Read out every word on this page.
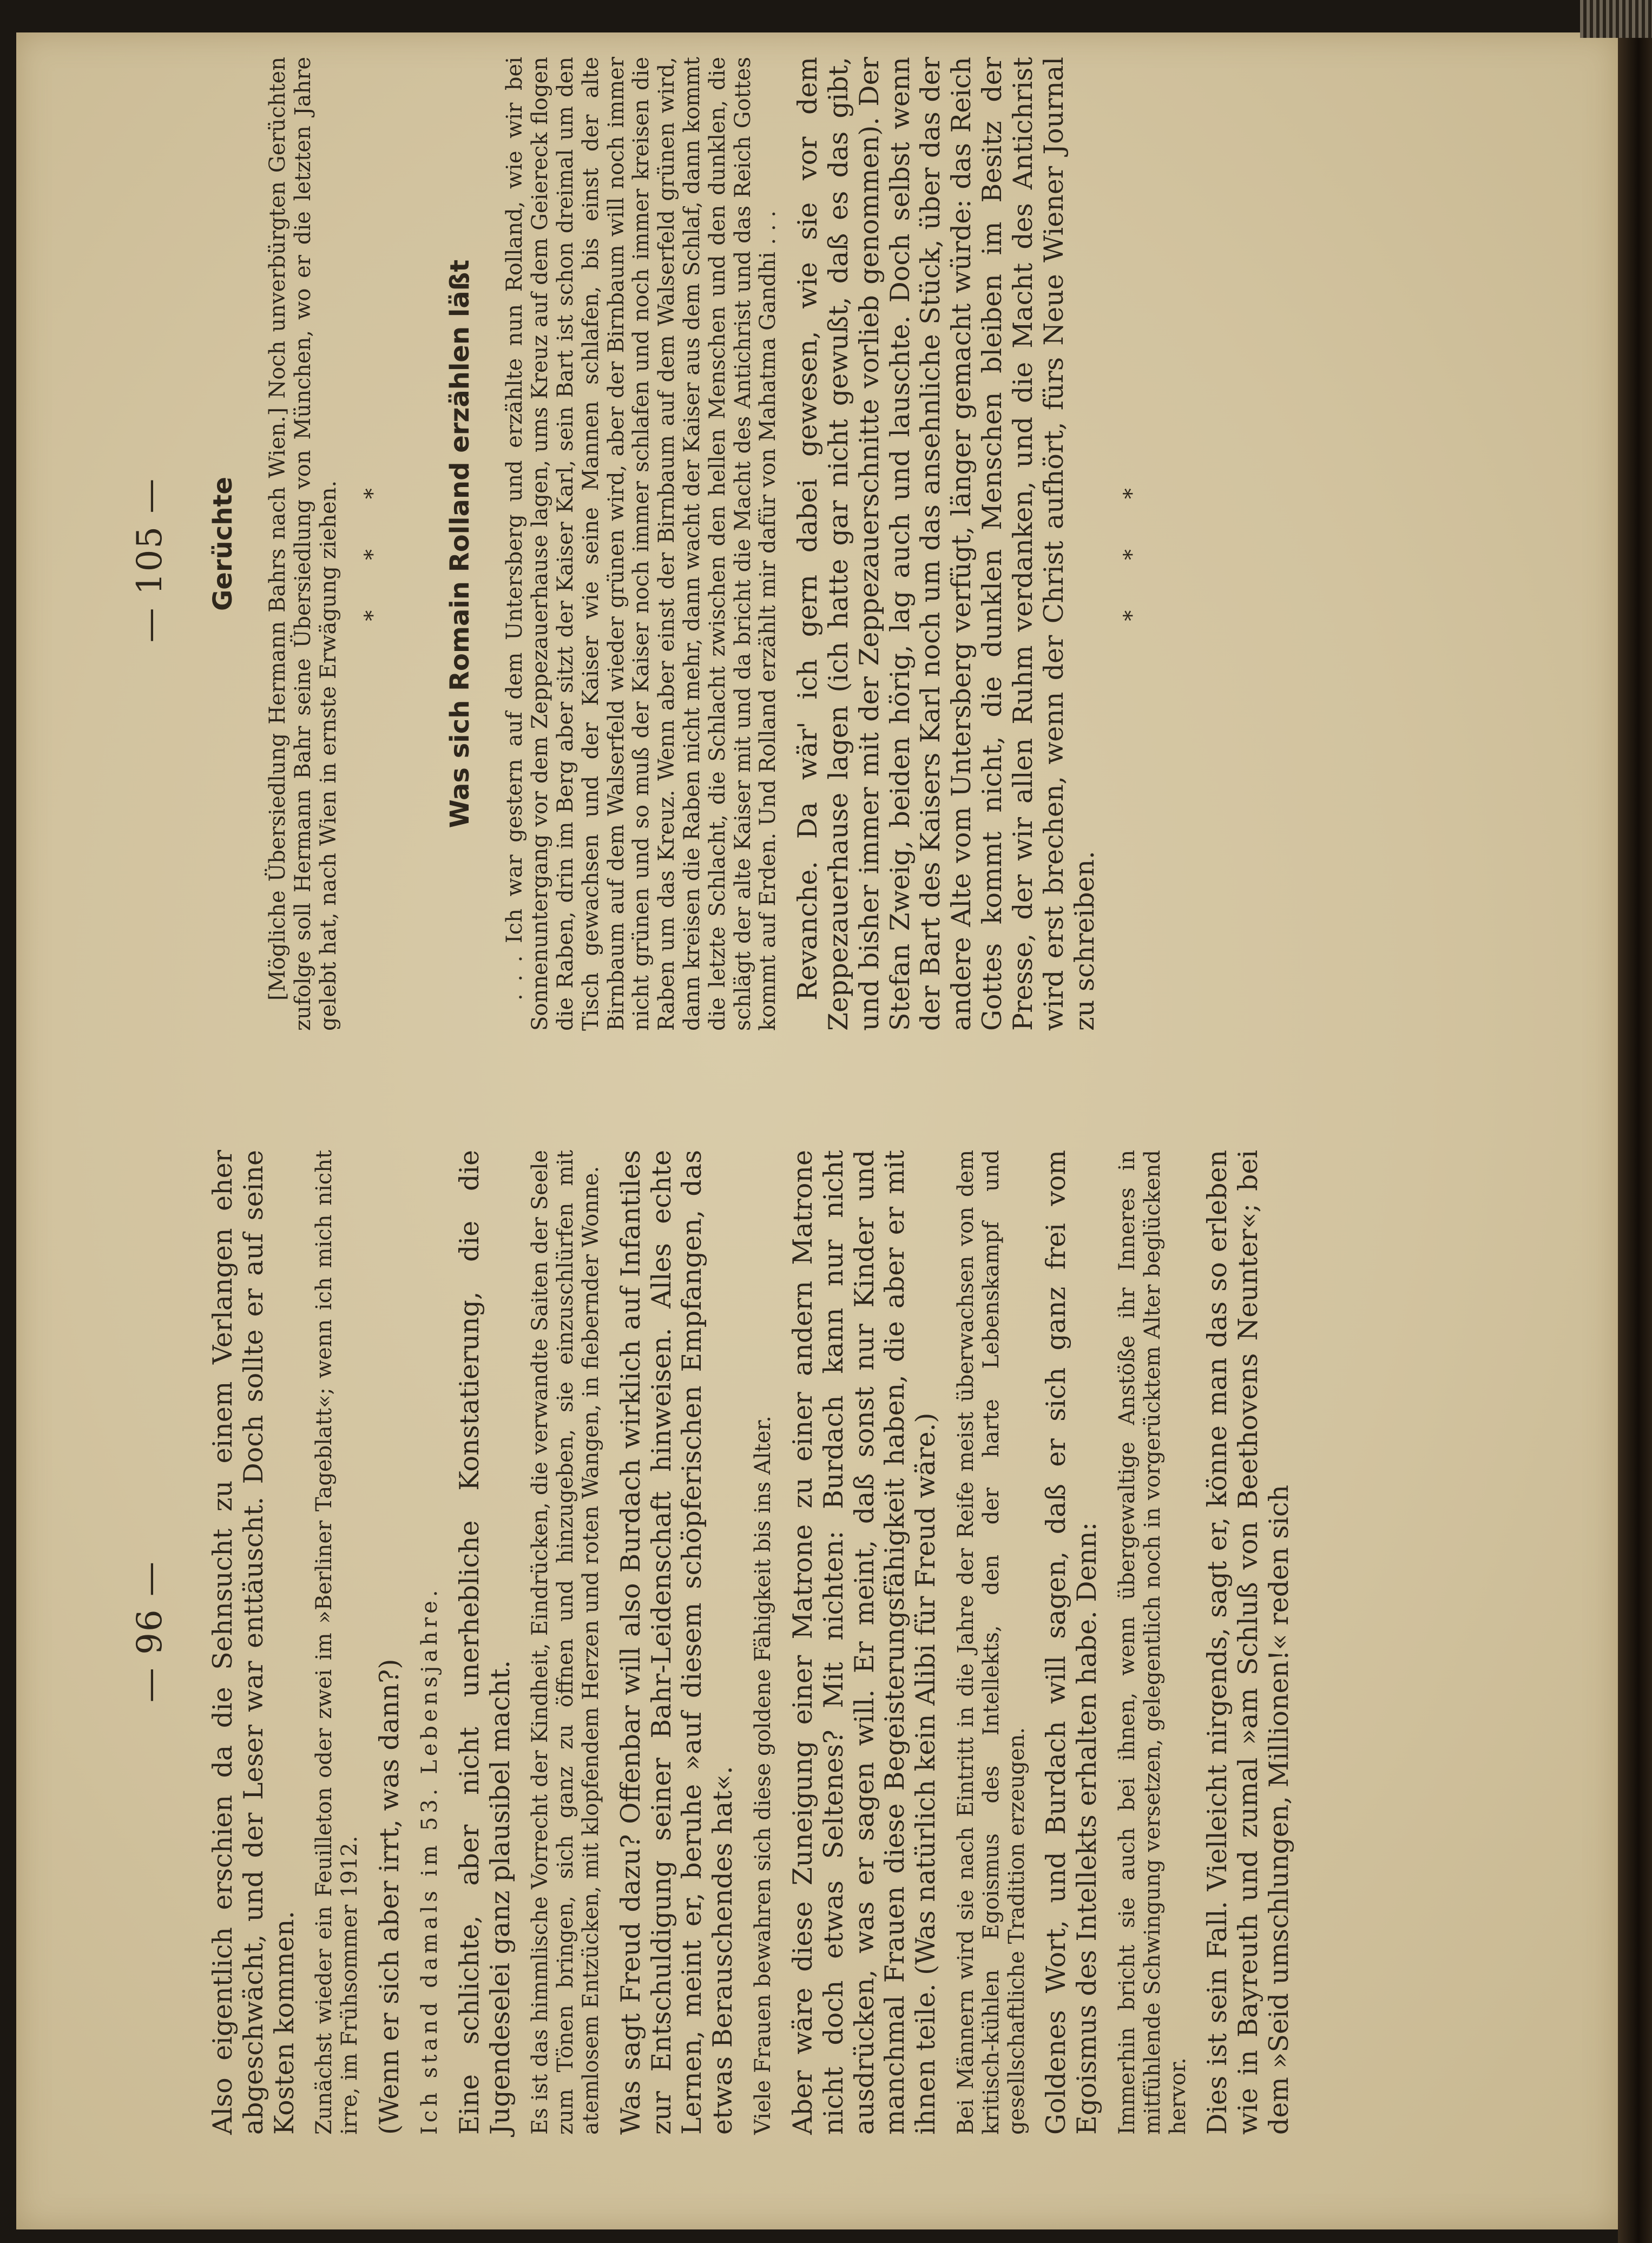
— 96 — Also eigentlich erschien da die Sehnsucht zu einem Verlangen eher abgeschwächt, und der Leser war enttäuscht. Doch sollte er auf seine Kosten kommen. Zunächst wieder ein Feuilleton oder zwei im »Berliner Tageblatt«; wenn ich mich nicht irre, im Frühsommer 1912. (Wenn er sich aber irrt, was dann?) Ich stand damals im 53. Lebensjahre. Eine schlichte, aber nicht unerhebliche Konstatierung, die die Jugendeselei ganz plausibel macht. Es ist das himmlische Vorrecht der Kindheit, Eindrücken, die verwandte Saiten der Seele zum Tönen bringen, sich ganz zu öffnen und hinzugeben, sie einzuschlürfen mit atemlosem Entzücken, mit klopfendem Herzen und roten Wangen, in fiebernder Wonne. Was sagt Freud dazu? Offenbar will also Burdach wirklich auf Infantiles zur Entschuldigung seiner Bahr-Leidenschaft hinweisen. Alles echte Lernen, meint er, beruhe »auf diesem schöpferischen Empfangen, das etwas Berauschendes hat«. Viele Frauen bewahren sich diese goldene Fähigkeit bis ins Alter. Aber wäre diese Zuneigung einer Matrone zu einer andern Matrone nicht doch etwas Seltenes? Mit nichten: Burdach kann nur nicht ausdrücken, was er sagen will. Er meint, daß sonst nur Kinder und manchmal Frauen diese Begeisterungsfähigkeit haben, die aber er mit ihnen teile. (Was natürlich kein Alibi für Freud wäre.) Bei Männern wird sie nach Eintritt in die Jahre der Reife meist überwachsen von dem kritisch-kühlen Egoismus des Intellekts, den der harte Lebenskampf und gesellschaftliche Tradition erzeugen. Goldenes Wort, und Burdach will sagen, daß er sich ganz frei vom Egoismus des Intellekts erhalten habe. Denn: Immerhin bricht sie auch bei ihnen, wenn übergewaltige Anstöße ihr Inneres in mitfühlende Schwingung versetzen, gelegentlich noch in vorgerücktem Alter beglückend hervor. Dies ist sein Fall. Vielleicht nirgends, sagt er, könne man das so erleben wie in Bayreuth und zumal »am Schluß von Beethovens Neunter«; bei dem »Seid umschlungen, Millionen!« reden sich

— 105 — Gerüchte [Mögliche Übersiedlung Hermann Bahrs nach Wien.] Noch unverbürgten Gerüchten zufolge soll Hermann Bahr seine Übersiedlung von München, wo er die letzten Jahre gelebt hat, nach Wien in ernste Erwägung ziehen. * * * Was sich Romain Rolland erzählen läßt . . . Ich war gestern auf dem Untersberg und erzählte nun Rolland, wie wir bei Sonnenuntergang vor dem Zeppezauerhause lagen, ums Kreuz auf dem Geiereck flogen die Raben, drin im Berg aber sitzt der Kaiser Karl, sein Bart ist schon dreimal um den Tisch gewachsen und der Kaiser wie seine Mannen schlafen, bis einst der alte Birnbaum auf dem Walserfeld wieder grünen wird, aber der Birnbaum will noch immer nicht grünen und so muß der Kaiser noch immer schlafen und noch immer kreisen die Raben um das Kreuz. Wenn aber einst der Birnbaum auf dem Walserfeld grünen wird, dann kreisen die Raben nicht mehr, dann wacht der Kaiser aus dem Schlaf, dann kommt die letzte Schlacht, die Schlacht zwischen den hellen Menschen und den dunklen, die schlägt der alte Kaiser mit und da bricht die Macht des Antichrist und das Reich Gottes kommt auf Erden. Und Rolland erzählt mir dafür von Mahatma Gandhi . . . Revanche. Da wär' ich gern dabei gewesen, wie sie vor dem Zeppezauerhause lagen (ich hatte gar nicht gewußt, daß es das gibt, und bisher immer mit der Zeppezauerschnitte vorlieb genommen). Der Stefan Zweig, beiden hörig, lag auch und lauschte. Doch selbst wenn der Bart des Kaisers Karl noch um das ansehnliche Stück, über das der andere Alte vom Untersberg verfügt, länger gemacht würde: das Reich Gottes kommt nicht, die dunklen Menschen bleiben im Besitz der Presse, der wir allen Ruhm verdanken, und die Macht des Antichrist wird erst brechen, wenn der Christ aufhört, fürs Neue Wiener Journal zu schreiben.

* * *
